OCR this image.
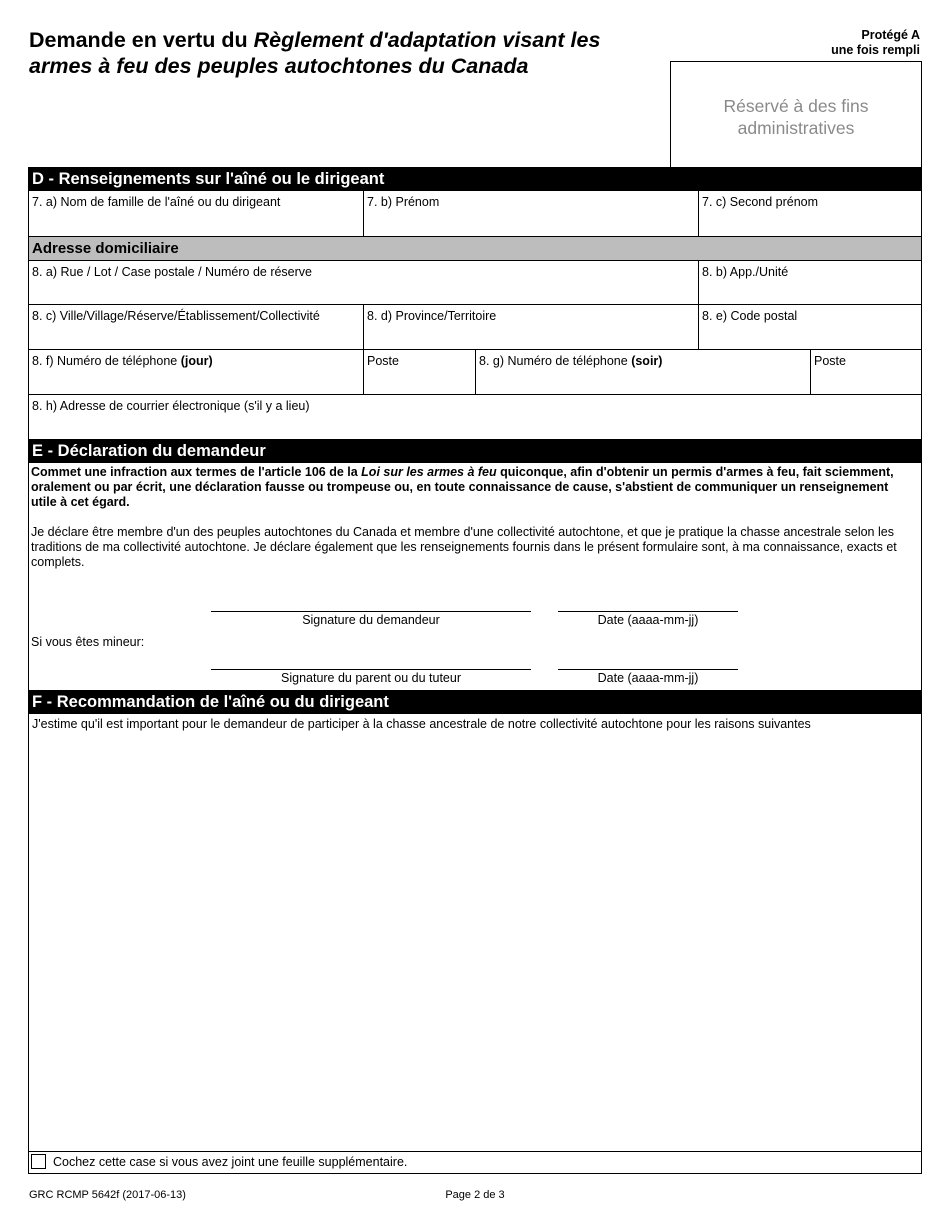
Demande en vertu du Règlement d'adaptation visant les armes à feu des peuples autochtones du Canada
Protégé A
une fois rempli
Réservé à des fins
administratives
D - Renseignements sur l'aîné ou le dirigeant
7. a) Nom de famille de l'aîné ou du dirigeant	7. b) Prénom	7. c) Second prénom
Adresse domiciliaire
8. a) Rue / Lot / Case postale / Numéro de réserve	8. b) App./Unité
8. c) Ville/Village/Réserve/Établissement/Collectivité	8. d) Province/Territoire	8. e) Code postal
8. f) Numéro de téléphone (jour)	Poste	8. g) Numéro de téléphone (soir)	Poste
8. h) Adresse de courrier électronique (s'il y a lieu)
E - Déclaration du demandeur
Commet une infraction aux termes de l'article 106 de la Loi sur les armes à feu quiconque, afin d'obtenir un permis d'armes à feu, fait sciemment, oralement ou par écrit, une déclaration fausse ou trompeuse ou, en toute connaissance de cause, s'abstient de communiquer un renseignement utile à cet égard.
Je déclare être membre d'un des peuples autochtones du Canada et membre d'une collectivité autochtone, et que je pratique la chasse ancestrale selon les traditions de ma collectivité autochtone. Je déclare également que les renseignements fournis dans le présent formulaire sont, à ma connaissance, exacts et complets.
Signature du demandeur	Date (aaaa-mm-jj)
Si vous êtes mineur:
Signature du parent ou du tuteur	Date (aaaa-mm-jj)
F - Recommandation de l'aîné ou du dirigeant
J'estime qu'il est important pour le demandeur de participer à la chasse ancestrale de notre collectivité autochtone pour les raisons suivantes
Cochez cette case si vous avez joint une feuille supplémentaire.
GRC RCMP 5642f (2017-06-13)	Page 2 de 3
